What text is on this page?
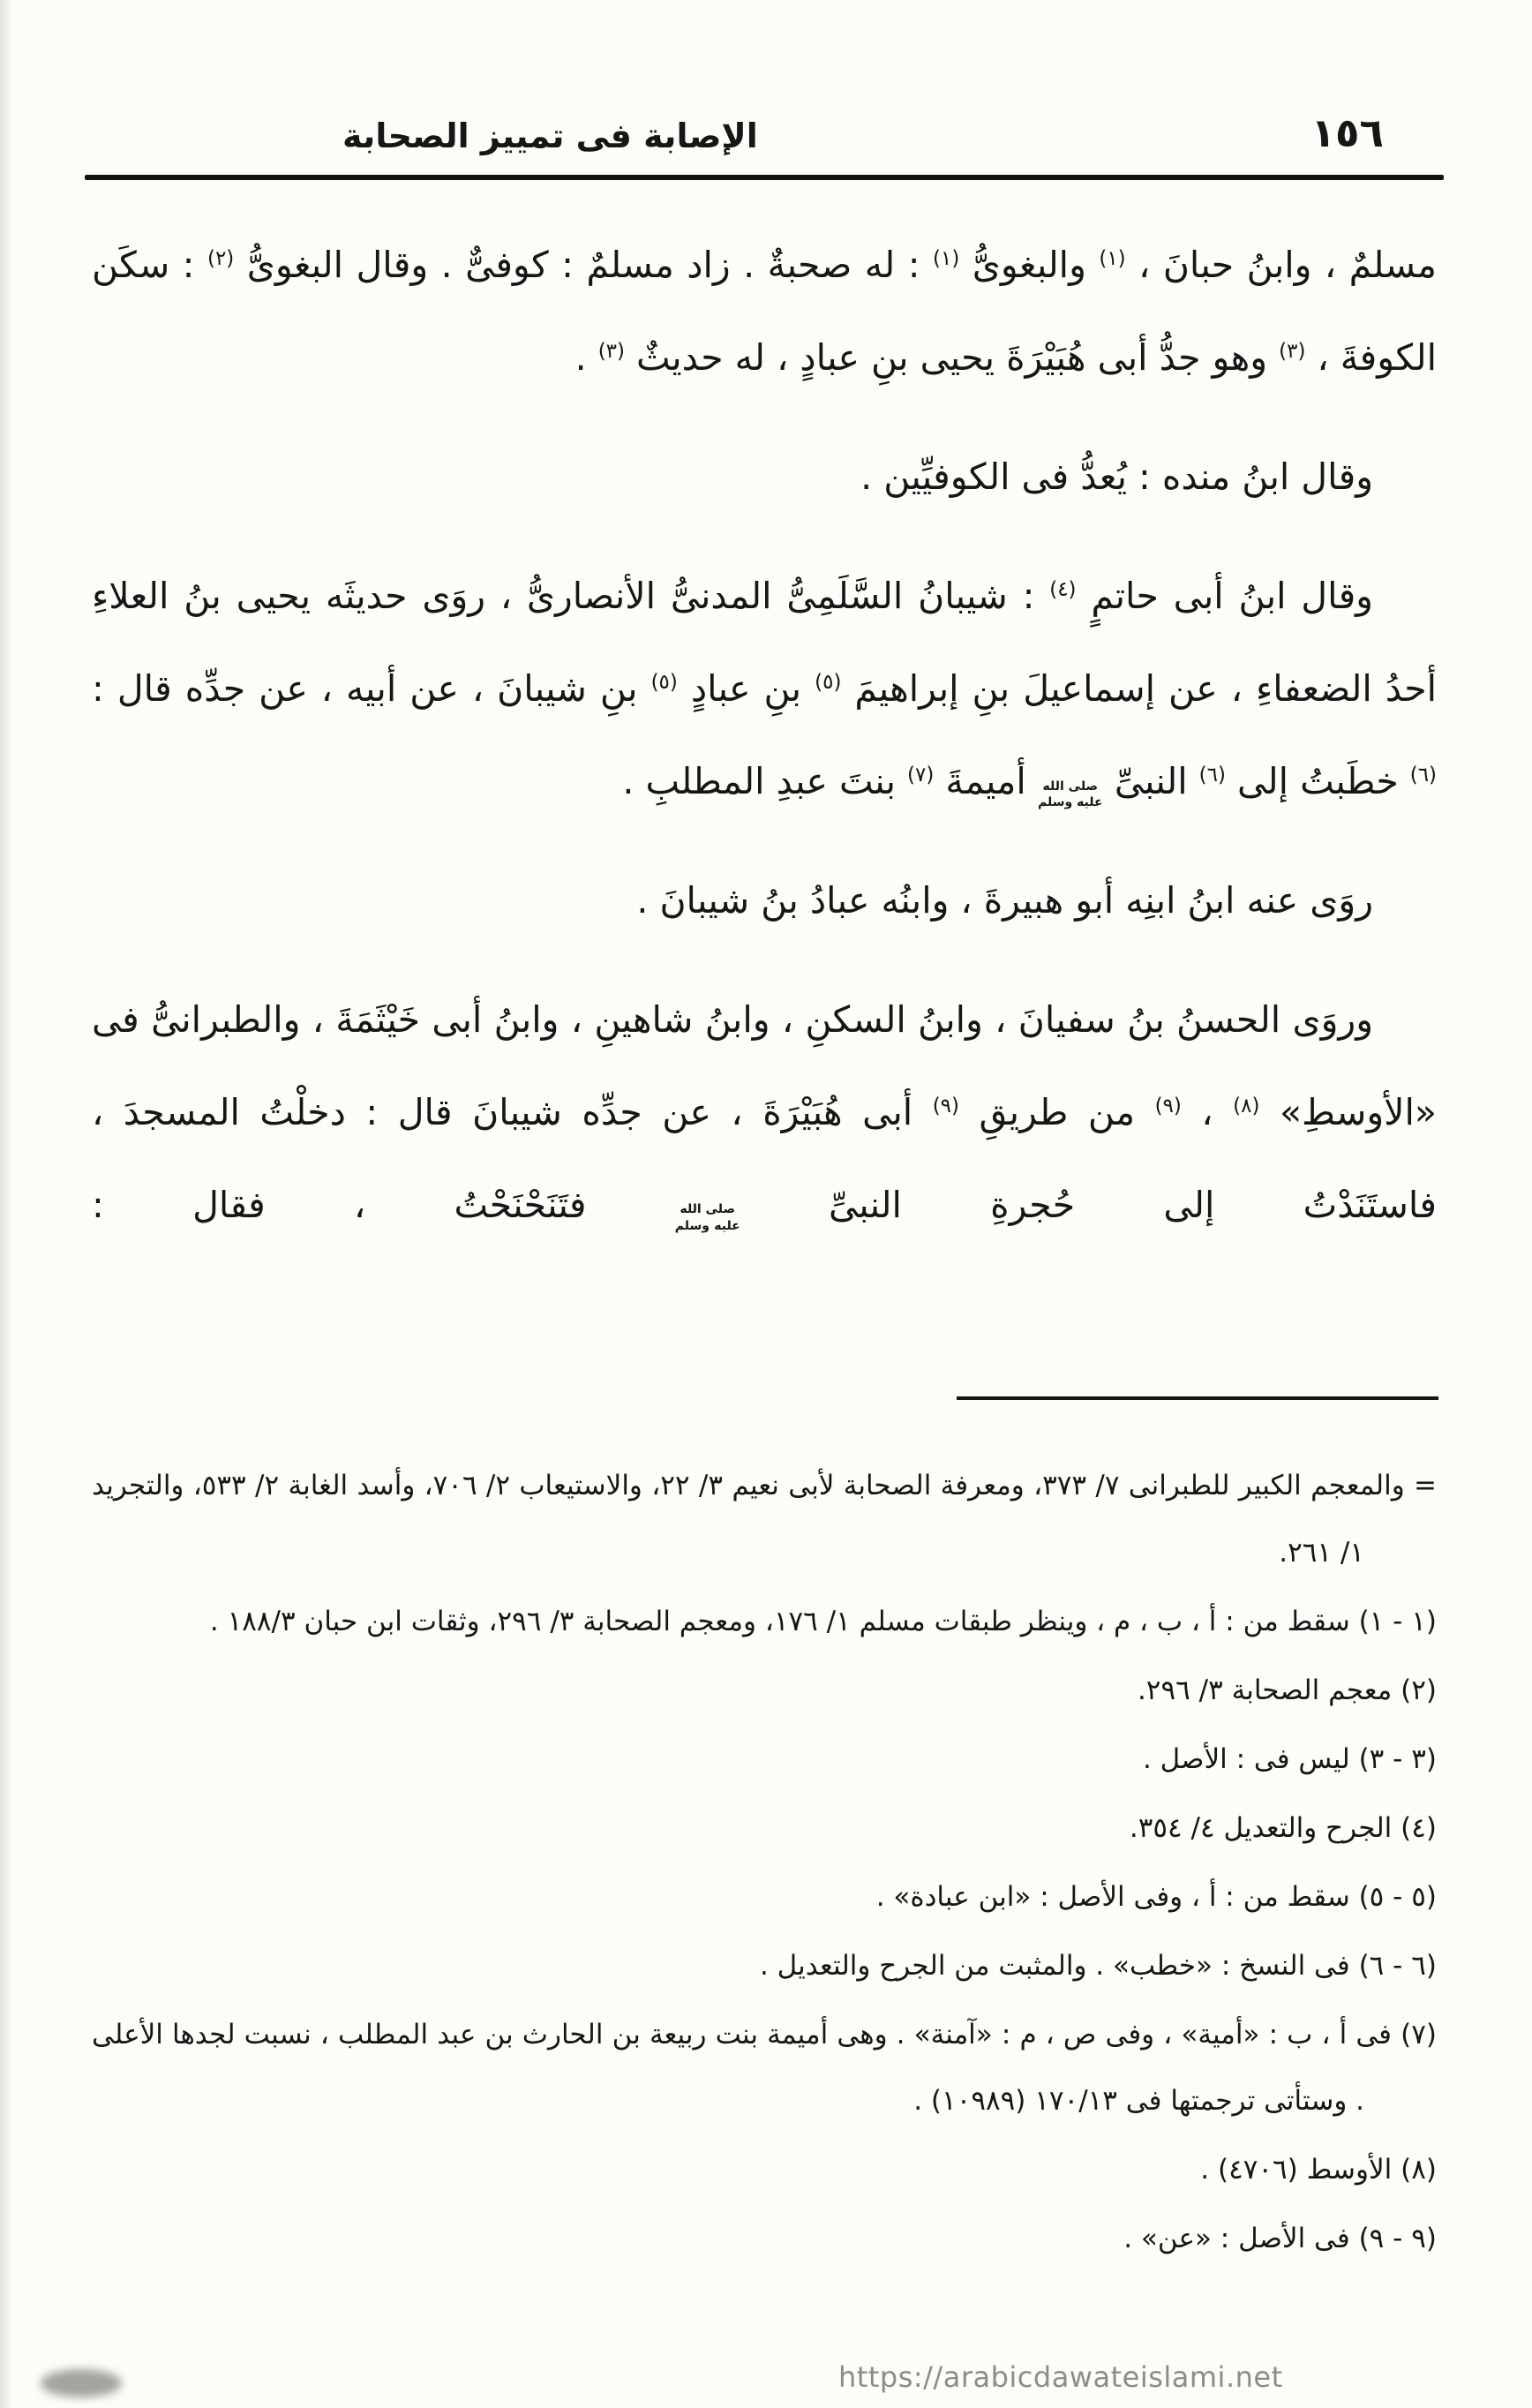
الإصابة فى تمييز الصحابة	١٥٦

مسلمٌ ، وابنُ حبانَ ، $^{(١)}$ والبغوىُّ $^{(١)}$ : له صحبةٌ . زاد مسلمٌ : كوفىٌّ . وقال البغوىُّ $^{(٢)}$ : سكَن الكوفةَ ، $^{(٣)}$ وهو جدُّ أبى هُبَيْرَةَ يحيى بنِ عبادٍ ، له حديثٌ $^{(٣)}$ .

وقال ابنُ منده : يُعدُّ فى الكوفيِّين .

وقال ابنُ أبى حاتمٍ $^{(٤)}$ : شيبانُ السَّلَمِىُّ المدنىُّ الأنصارىُّ ، روَى حديثَه يحيى بنُ العلاءِ أحدُ الضعفاءِ ، عن إسماعيلَ بنِ إبراهيمَ $^{(٥)}$ بنِ عبادٍ $^{(٥)}$ بنِ شيبانَ ، عن أبيه ، عن جدِّه قال : $^{(٦)}$ خطَبتُ إلى $^{(٦)}$ النبىِّ صلى الله عليه وسلم أميمةَ $^{(٧)}$ بنتَ عبدِ المطلبِ .

روَى عنه ابنُ ابنِه أبو هبيرةَ ، وابنُه عبادُ بنُ شيبانَ .

وروَى الحسنُ بنُ سفيانَ ، وابنُ السكنِ ، وابنُ شاهينِ ، وابنُ أبى خَيْثَمَةَ ، والطبرانىُّ فى «الأوسطِ» $^{(٨)}$ ، $^{(٩)}$ من طريقِ $^{(٩)}$ أبى هُبَيْرَةَ ، عن جدِّه شيبانَ قال : دخلْتُ المسجدَ ، فاستَنَدْتُ إلى حُجرةِ النبىِّ صلى الله عليه وسلم فتَنَحْنَحْتُ ، فقال :

= والمعجم الكبير للطبرانى ٧/ ٣٧٣، ومعرفة الصحابة لأبى نعيم ٣/ ٢٢، والاستيعاب ٢/ ٧٠٦، وأسد الغابة ٢/ ٥٣٣، والتجريد ١/ ٢٦١.
(١ - ١) سقط من : أ ، ب ، م ، وينظر طبقات مسلم ١/ ١٧٦، ومعجم الصحابة ٣/ ٢٩٦، وثقات ابن حبان ١٨٨/٣ .
(٢) معجم الصحابة ٣/ ٢٩٦.
(٣ - ٣) ليس فى : الأصل .
(٤) الجرح والتعديل ٤/ ٣٥٤.
(٥ - ٥) سقط من : أ ، وفى الأصل : «ابن عبادة» .
(٦ - ٦) فى النسخ : «خطب» . والمثبت من الجرح والتعديل .
(٧) فى أ ، ب : «أمية» ، وفى ص ، م : «آمنة» . وهى أميمة بنت ربيعة بن الحارث بن عبد المطلب ، نسبت لجدها الأعلى . وستأتى ترجمتها فى ١٧٠/١٣ (١٠٩٨٩) .
(٨) الأوسط (٤٧٠٦) .
(٩ - ٩) فى الأصل : «عن» .
https://arabicdawateislami.net
